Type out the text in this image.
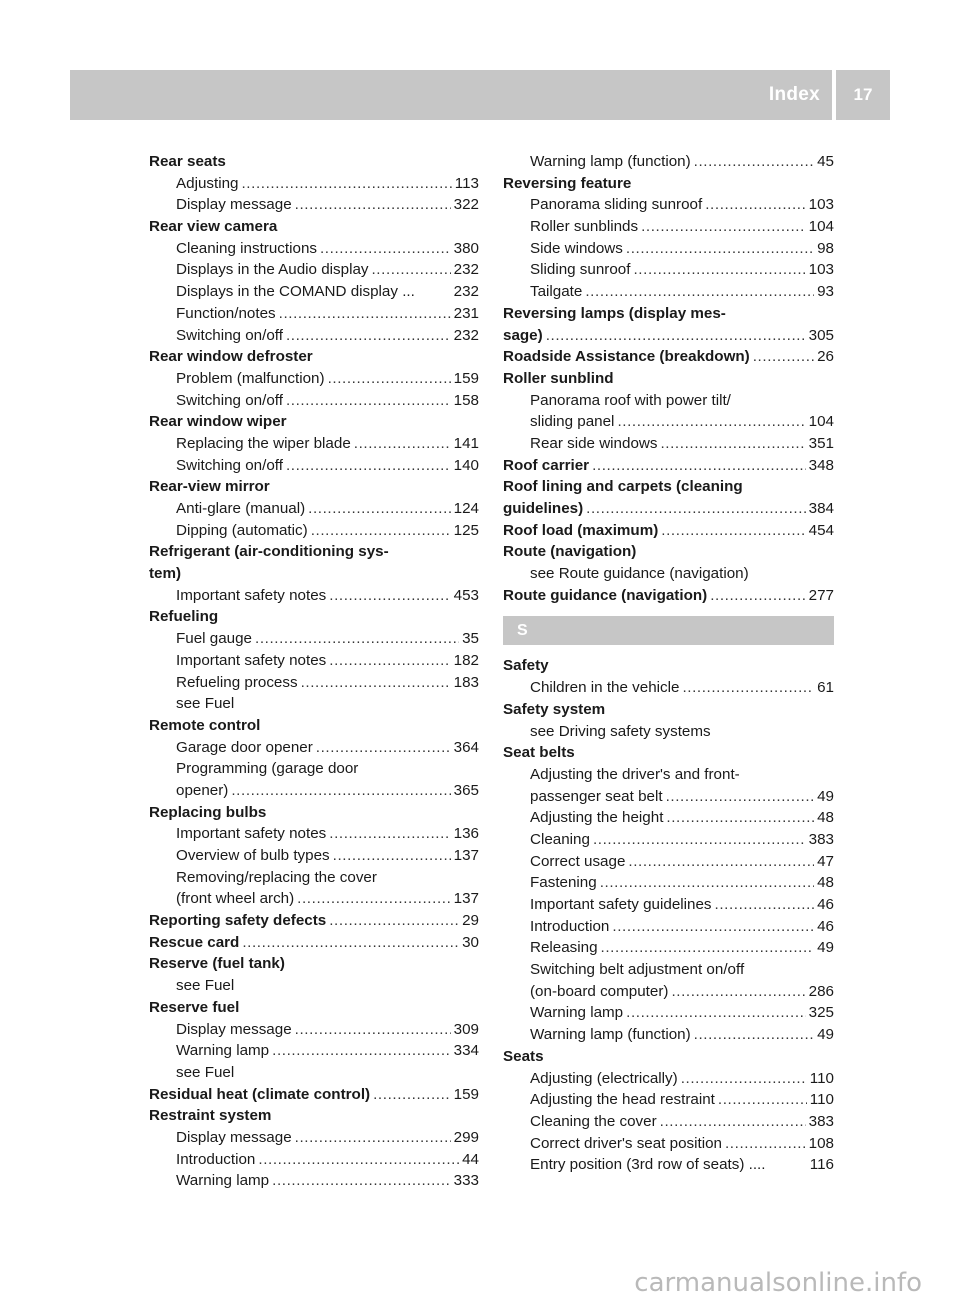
Index	17
Rear seats
Adjusting .....	113
Display message .....	322
Rear view camera
Cleaning instructions .....	380
Displays in the Audio display .....	232
Displays in the COMAND display ...	232
Function/notes .....	231
Switching on/off .....	232
Rear window defroster
Problem (malfunction) .....	159
Switching on/off .....	158
Rear window wiper
Replacing the wiper blade .....	141
Switching on/off .....	140
Rear-view mirror
Anti-glare (manual) .....	124
Dipping (automatic) .....	125
Refrigerant (air-conditioning sys-
tem)
Important safety notes .....	453
Refueling
Fuel gauge .....	35
Important safety notes .....	182
Refueling process .....	183
see Fuel
Remote control
Garage door opener .....	364
Programming (garage door
opener) .....	365
Replacing bulbs
Important safety notes .....	136
Overview of bulb types .....	137
Removing/replacing the cover
(front wheel arch) .....	137
Reporting safety defects .....	29
Rescue card .....	30
Reserve (fuel tank)
see Fuel
Reserve fuel
Display message .....	309
Warning lamp .....	334
see Fuel
Residual heat (climate control) .....	159
Restraint system
Display message .....	299
Introduction .....	44
Warning lamp .....	333
Warning lamp (function) .....	45
Reversing feature
Panorama sliding sunroof .....	103
Roller sunblinds .....	104
Side windows .....	98
Sliding sunroof .....	103
Tailgate .....	93
Reversing lamps (display mes-
sage) .....	305
Roadside Assistance (breakdown) .....	26
Roller sunblind
Panorama roof with power tilt/
sliding panel .....	104
Rear side windows .....	351
Roof carrier .....	348
Roof lining and carpets (cleaning
guidelines) .....	384
Roof load (maximum) .....	454
Route (navigation)
see Route guidance (navigation)
Route guidance (navigation) .....	277
S
Safety
Children in the vehicle .....	61
Safety system
see Driving safety systems
Seat belts
Adjusting the driver's and front-
passenger seat belt .....	49
Adjusting the height .....	48
Cleaning .....	383
Correct usage .....	47
Fastening .....	48
Important safety guidelines .....	46
Introduction .....	46
Releasing .....	49
Switching belt adjustment on/off
(on-board computer) .....	286
Warning lamp .....	325
Warning lamp (function) .....	49
Seats
Adjusting (electrically) .....	110
Adjusting the head restraint .....	110
Cleaning the cover .....	383
Correct driver's seat position .....	108
Entry position (3rd row of seats) ....	116
carmanualsonline.info
